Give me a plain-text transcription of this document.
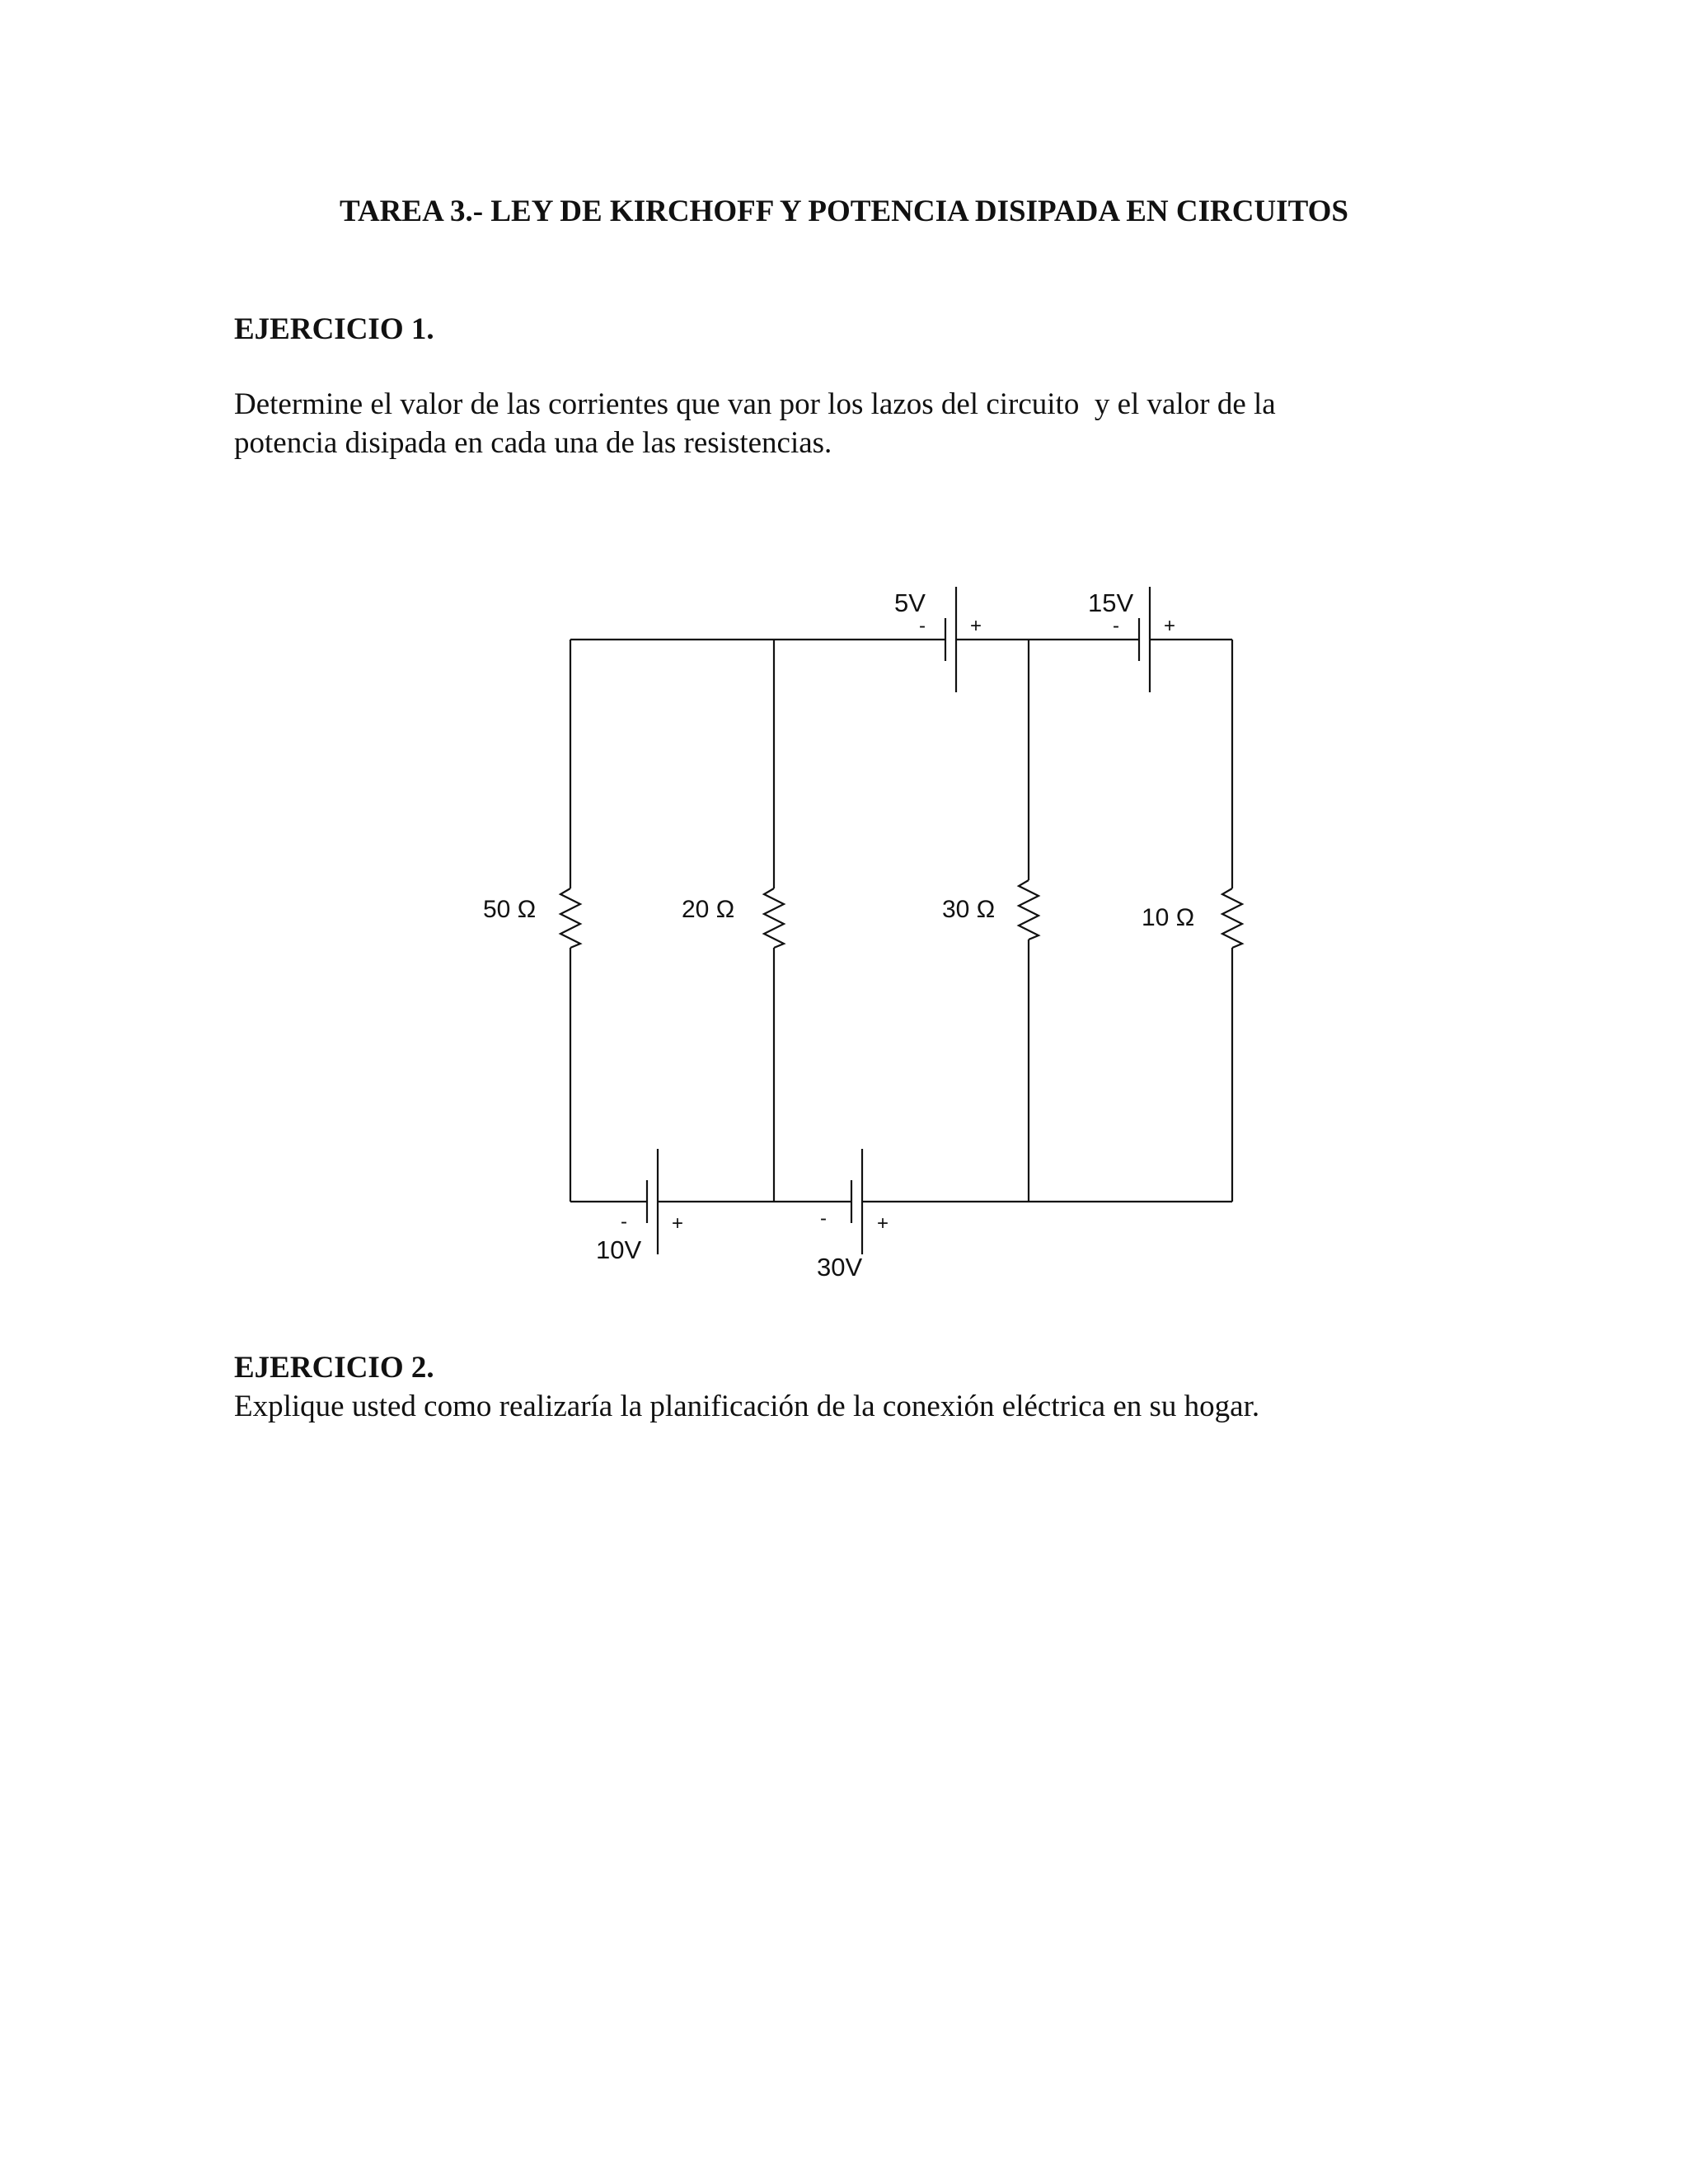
TAREA 3.- LEY DE KIRCHOFF Y POTENCIA DISIPADA EN CIRCUITOS
EJERCICIO 1.
Determine el valor de las corrientes que van por los lazos del circuito  y el valor de la
potencia disipada en cada una de las resistencias.
50 Ω	20 Ω	30 Ω	10 Ω
5V
- +
15V
- +
- +
10V
-	+
30V
EJERCICIO 2.
Explique usted como realizaría la planificación de la conexión eléctrica en su hogar.
